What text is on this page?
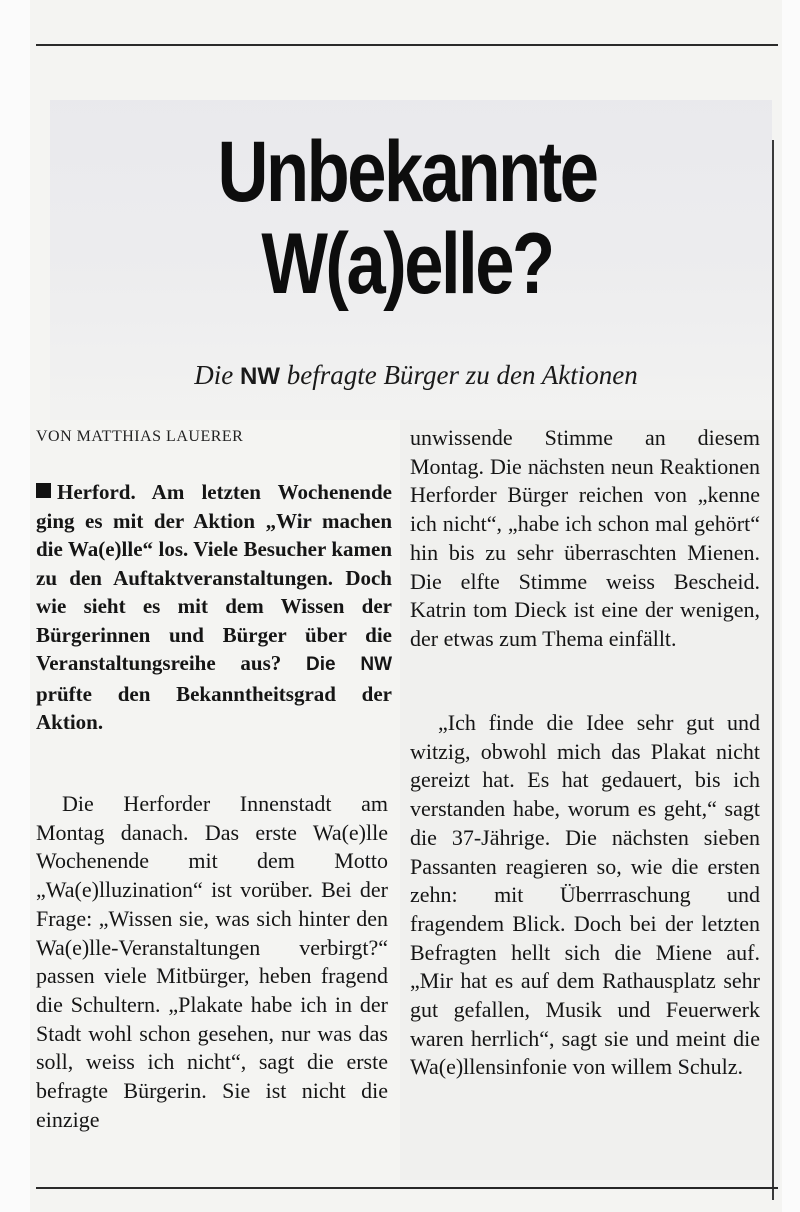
Unbekannte
W(a)elle?
Die NW befragte Bürger zu den Aktionen
VON MATTHIAS LAUERER
Herford. Am letzten Wochenende ging es mit der Aktion „Wir machen die Wa(e)lle“ los. Viele Besucher kamen zu den Auftaktveranstaltungen. Doch wie sieht es mit dem Wissen der Bürgerinnen und Bürger über die Veranstaltungsreihe aus? Die NW prüfte den Bekanntheitsgrad der Aktion.
Die Herforder Innenstadt am Montag danach. Das erste Wa(e)lle Wochenende mit dem Motto „Wa(e)lluzination“ ist vorüber. Bei der Frage: „Wissen sie, was sich hinter den Wa(e)lle-Veranstaltungen verbirgt?“ passen viele Mitbürger, heben fragend die Schultern. „Plakate habe ich in der Stadt wohl schon gesehen, nur was das soll, weiss ich nicht“, sagt die erste befragte Bürgerin. Sie ist nicht die einzige
unwissende Stimme an diesem Montag. Die nächsten neun Reaktionen Herforder Bürger reichen von „kenne ich nicht“, „habe ich schon mal gehört“ hin bis zu sehr überraschten Mienen. Die elfte Stimme weiss Bescheid. Katrin tom Dieck ist eine der wenigen, der etwas zum Thema einfällt.
„Ich finde die Idee sehr gut und witzig, obwohl mich das Plakat nicht gereizt hat. Es hat gedauert, bis ich verstanden habe, worum es geht,“ sagt die 37-Jährige. Die nächsten sieben Passanten reagieren so, wie die ersten zehn: mit Überrraschung und fragendem Blick. Doch bei der letzten Befragten hellt sich die Miene auf. „Mir hat es auf dem Rathausplatz sehr gut gefallen, Musik und Feuerwerk waren herrlich“, sagt sie und meint die Wa(e)llensinfonie von willem Schulz.
